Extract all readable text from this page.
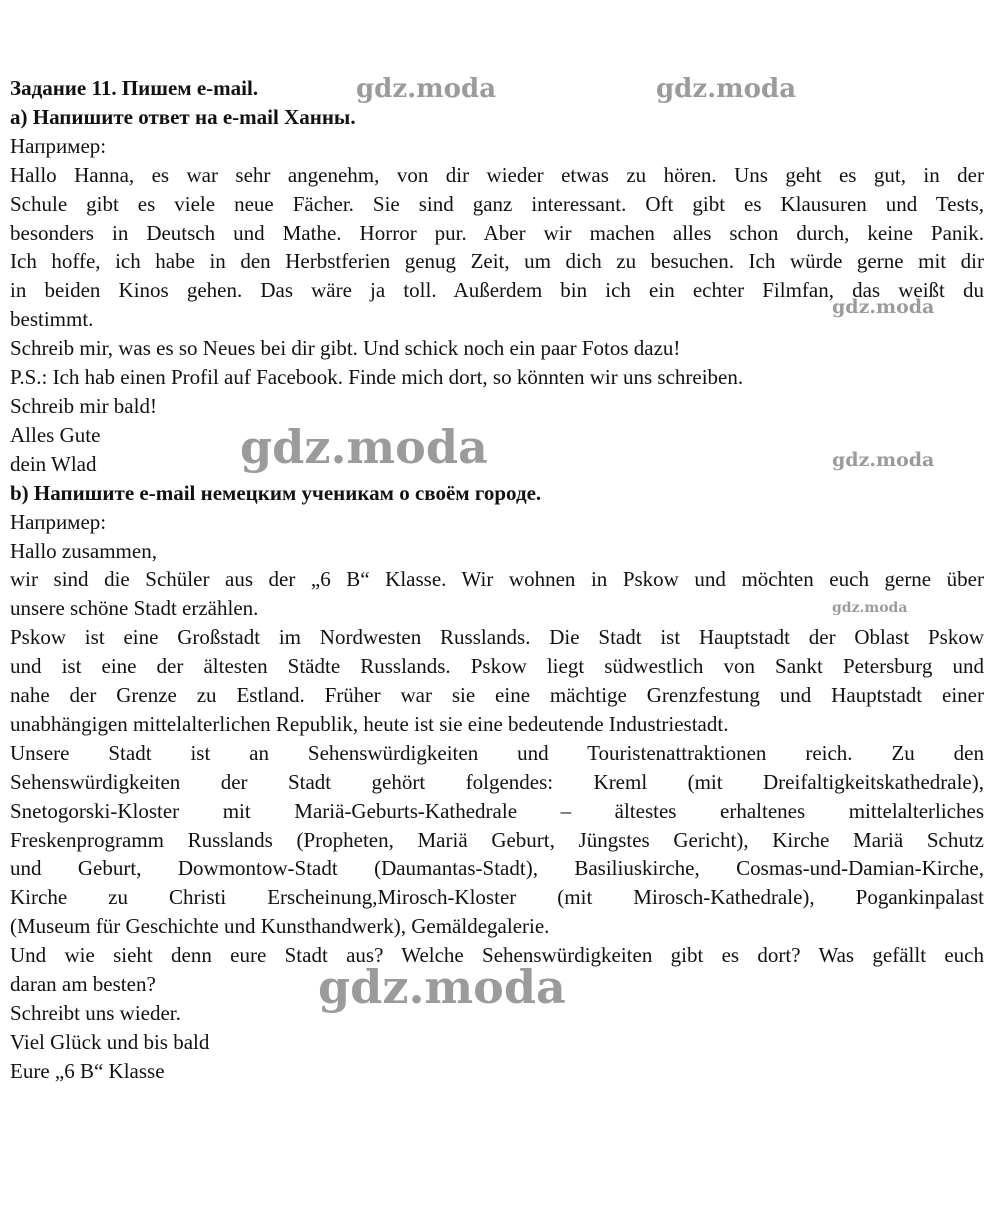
Задание 11. Пишем e-mail.
a) Напишите ответ на e-mail Ханны.
Например:
Hallo Hanna, es war sehr angenehm, von dir wieder etwas zu hören. Uns geht es gut, in der
Schule gibt es viele neue Fächer. Sie sind ganz interessant. Oft gibt es Klausuren und Tests,
besonders in Deutsch und Mathe. Horror pur. Aber wir machen alles schon durch, keine Panik.
Ich hoffe, ich habe in den Herbstferien genug Zeit, um dich zu besuchen. Ich würde gerne mit dir
in beiden Kinos gehen. Das wäre ja toll. Außerdem bin ich ein echter Filmfan, das weißt du
bestimmt.
Schreib mir, was es so Neues bei dir gibt. Und schick noch ein paar Fotos dazu!
P.S.: Ich hab einen Profil auf Facebook. Finde mich dort, so könnten wir uns schreiben.
Schreib mir bald!
Alles Gute
dein Wlad
b) Напишите e-mail немецким ученикам о своём городе.
Например:
Hallo zusammen,
wir sind die Schüler aus der „6 B“ Klasse. Wir wohnen in Pskow und möchten euch gerne über
unsere schöne Stadt erzählen.
Pskow ist eine Großstadt im Nordwesten Russlands. Die Stadt ist Hauptstadt der Oblast Pskow
und ist eine der ältesten Städte Russlands. Pskow liegt südwestlich von Sankt Petersburg und
nahe der Grenze zu Estland. Früher war sie eine mächtige Grenzfestung und Hauptstadt einer
unabhängigen mittelalterlichen Republik, heute ist sie eine bedeutende Industriestadt.
Unsere Stadt ist an Sehenswürdigkeiten und Touristenattraktionen reich. Zu den
Sehenswürdigkeiten der Stadt gehört folgendes: Kreml (mit Dreifaltigkeitskathedrale),
Snetogorski-Kloster mit Mariä-Geburts-Kathedrale – ältestes erhaltenes mittelalterliches
Freskenprogramm Russlands (Propheten, Mariä Geburt, Jüngstes Gericht), Kirche Mariä Schutz
und Geburt, Dowmontow-Stadt (Daumantas-Stadt), Basiliuskirche, Cosmas-und-Damian-Kirche,
Kirche zu Christi Erscheinung,Mirosch-Kloster (mit Mirosch-Kathedrale), Pogankinpalast
(Museum für Geschichte und Kunsthandwerk), Gemäldegalerie.
Und wie sieht denn eure Stadt aus? Welche Sehenswürdigkeiten gibt es dort? Was gefällt euch
daran am besten?
Schreibt uns wieder.
Viel Glück und bis bald
Eure „6 B“ Klasse
gdz.moda	gdz.moda
gdz.moda
gdz.moda	gdz.moda
gdz.moda
gdz.moda
